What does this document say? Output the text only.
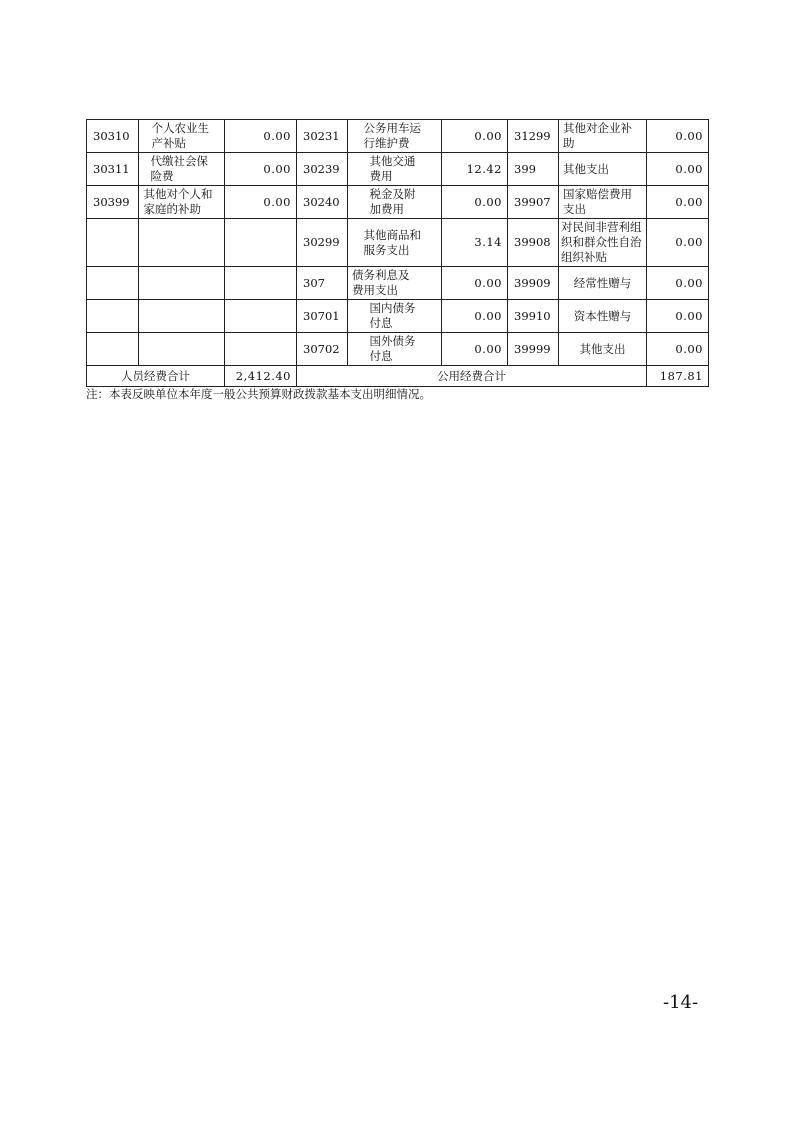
30310	个人农业生产补贴	0.00	30231	公务用车运行维护费	0.00	31299	其他对企业补助	0.00
30311	代缴社会保险费	0.00	30239	其他交通费用	12.42	399	其他支出	0.00
30399	其他对个人和家庭的补助	0.00	30240	税金及附加费用	0.00	39907	国家赔偿费用支出	0.00
			30299	其他商品和服务支出	3.14	39908	对民间非营利组织和群众性自治组织补贴	0.00
			307	债务利息及费用支出	0.00	39909	经常性赠与	0.00
			30701	国内债务付息	0.00	39910	资本性赠与	0.00
			30702	国外债务付息	0.00	39999	其他支出	0.00
人员经费合计		2,412.40	公用经费合计					187.81
注：本表反映单位本年度一般公共预算财政拨款基本支出明细情况。
-14-
